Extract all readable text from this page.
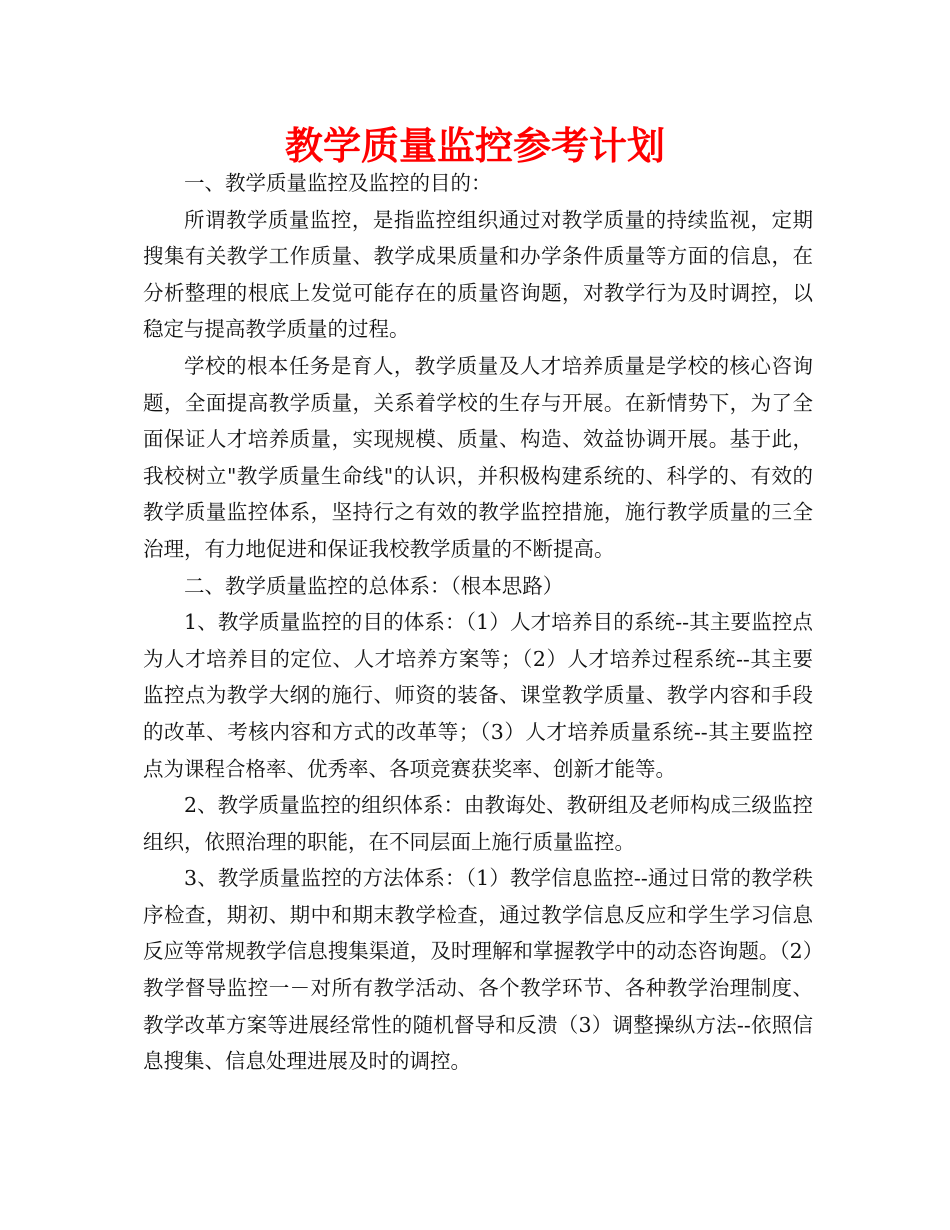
教学质量监控参考计划

一、教学质量监控及监控的目的：

所谓教学质量监控，是指监控组织通过对教学质量的持续监视，定期搜集有关教学工作质量、教学成果质量和办学条件质量等方面的信息，在分析整理的根底上发觉可能存在的质量咨询题，对教学行为及时调控，以稳定与提高教学质量的过程。

学校的根本任务是育人，教学质量及人才培养质量是学校的核心咨询题，全面提高教学质量，关系着学校的生存与开展。在新情势下，为了全面保证人才培养质量，实现规模、质量、构造、效益协调开展。基于此，我校树立"教学质量生命线"的认识，并积极构建系统的、科学的、有效的教学质量监控体系，坚持行之有效的教学监控措施，施行教学质量的三全治理，有力地促进和保证我校教学质量的不断提高。

二、教学质量监控的总体系：（根本思路）

1、教学质量监控的目的体系：（1）人才培养目的系统--其主要监控点为人才培养目的定位、人才培养方案等；（2）人才培养过程系统--其主要监控点为教学大纲的施行、师资的装备、课堂教学质量、教学内容和手段的改革、考核内容和方式的改革等；（3）人才培养质量系统--其主要监控点为课程合格率、优秀率、各项竞赛获奖率、创新才能等。

2、教学质量监控的组织体系：由教诲处、教研组及老师构成三级监控组织，依照治理的职能，在不同层面上施行质量监控。

3、教学质量监控的方法体系：（1）教学信息监控--通过日常的教学秩序检查，期初、期中和期末教学检查，通过教学信息反应和学生学习信息反应等常规教学信息搜集渠道，及时理解和掌握教学中的动态咨询题。（2）教学督导监控一－对所有教学活动、各个教学环节、各种教学治理制度、教学改革方案等进展经常性的随机督导和反溃（3）调整操纵方法--依照信息搜集、信息处理进展及时的调控。
